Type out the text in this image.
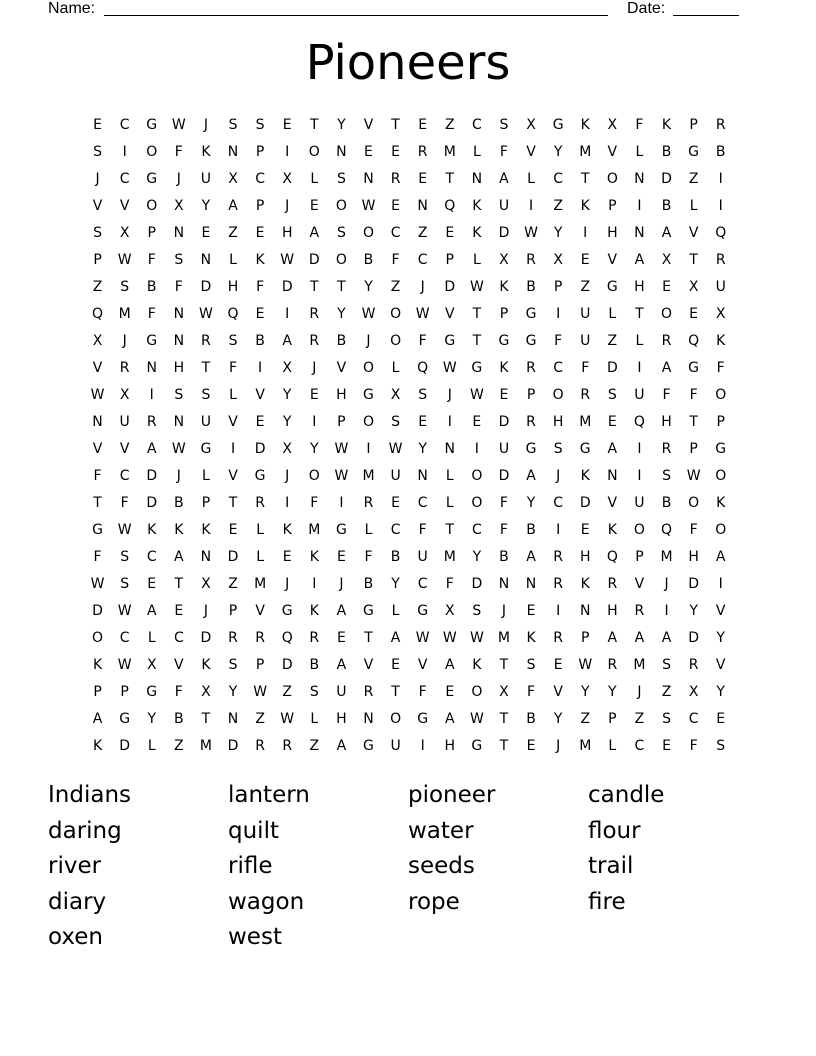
Name:	Date:
Pioneers
E	C	G	W	J	S	S	E	T	Y	V	T	E	Z	C	S	X	G	K	X	F	K	P	R
S	I	O	F	K	N	P	I	O	N	E	E	R	M	L	F	V	Y	M	V	L	B	G	B
J	C	G	J	U	X	C	X	L	S	N	R	E	T	N	A	L	C	T	O	N	D	Z	I
V	V	O	X	Y	A	P	J	E	O	W	E	N	Q	K	U	I	Z	K	P	I	B	L	I
S	X	P	N	E	Z	E	H	A	S	O	C	Z	E	K	D	W	Y	I	H	N	A	V	Q
P	W	F	S	N	L	K	W	D	O	B	F	C	P	L	X	R	X	E	V	A	X	T	R
Z	S	B	F	D	H	F	D	T	T	Y	Z	J	D	W	K	B	P	Z	G	H	E	X	U
Q	M	F	N	W	Q	E	I	R	Y	W	O	W	V	T	P	G	I	U	L	T	O	E	X
X	J	G	N	R	S	B	A	R	B	J	O	F	G	T	G	G	F	U	Z	L	R	Q	K
V	R	N	H	T	F	I	X	J	V	O	L	Q	W	G	K	R	C	F	D	I	A	G	F
W	X	I	S	S	L	V	Y	E	H	G	X	S	J	W	E	P	O	R	S	U	F	F	O
N	U	R	N	U	V	E	Y	I	P	O	S	E	I	E	D	R	H	M	E	Q	H	T	P
V	V	A	W	G	I	D	X	Y	W	I	W	Y	N	I	U	G	S	G	A	I	R	P	G
F	C	D	J	L	V	G	J	O	W	M	U	N	L	O	D	A	J	K	N	I	S	W	O
T	F	D	B	P	T	R	I	F	I	R	E	C	L	O	F	Y	C	D	V	U	B	O	K
G	W	K	K	K	E	L	K	M	G	L	C	F	T	C	F	B	I	E	K	O	Q	F	O
F	S	C	A	N	D	L	E	K	E	F	B	U	M	Y	B	A	R	H	Q	P	M	H	A
W	S	E	T	X	Z	M	J	I	J	B	Y	C	F	D	N	N	R	K	R	V	J	D	I
D	W	A	E	J	P	V	G	K	A	G	L	G	X	S	J	E	I	N	H	R	I	Y	V
O	C	L	C	D	R	R	Q	R	E	T	A	W W W	M	K	R	P	A	A	A	D	Y
K	W	X	V	K	S	P	D	B	A	V	E	V	A	K	T	S	E	W	R	M	S	R	V
P	P	G	F	X	Y	W	Z	S	U	R	T	F	E	O	X	F	V	Y	Y	J	Z	X	Y
A	G	Y	B	T	N	Z	W	L	H	N	O	G	A	W	T	B	Y	Z	P	Z	S	C	E
K	D	L	Z	M	D	R	R	Z	A	G	U	I	H	G	T	E	J	M	L	C	E	F	S
Indians	lantern	pioneer	candle
daring	quilt	water	flour
river	rifle	seeds	trail
diary	wagon	rope	fire
oxen	west
